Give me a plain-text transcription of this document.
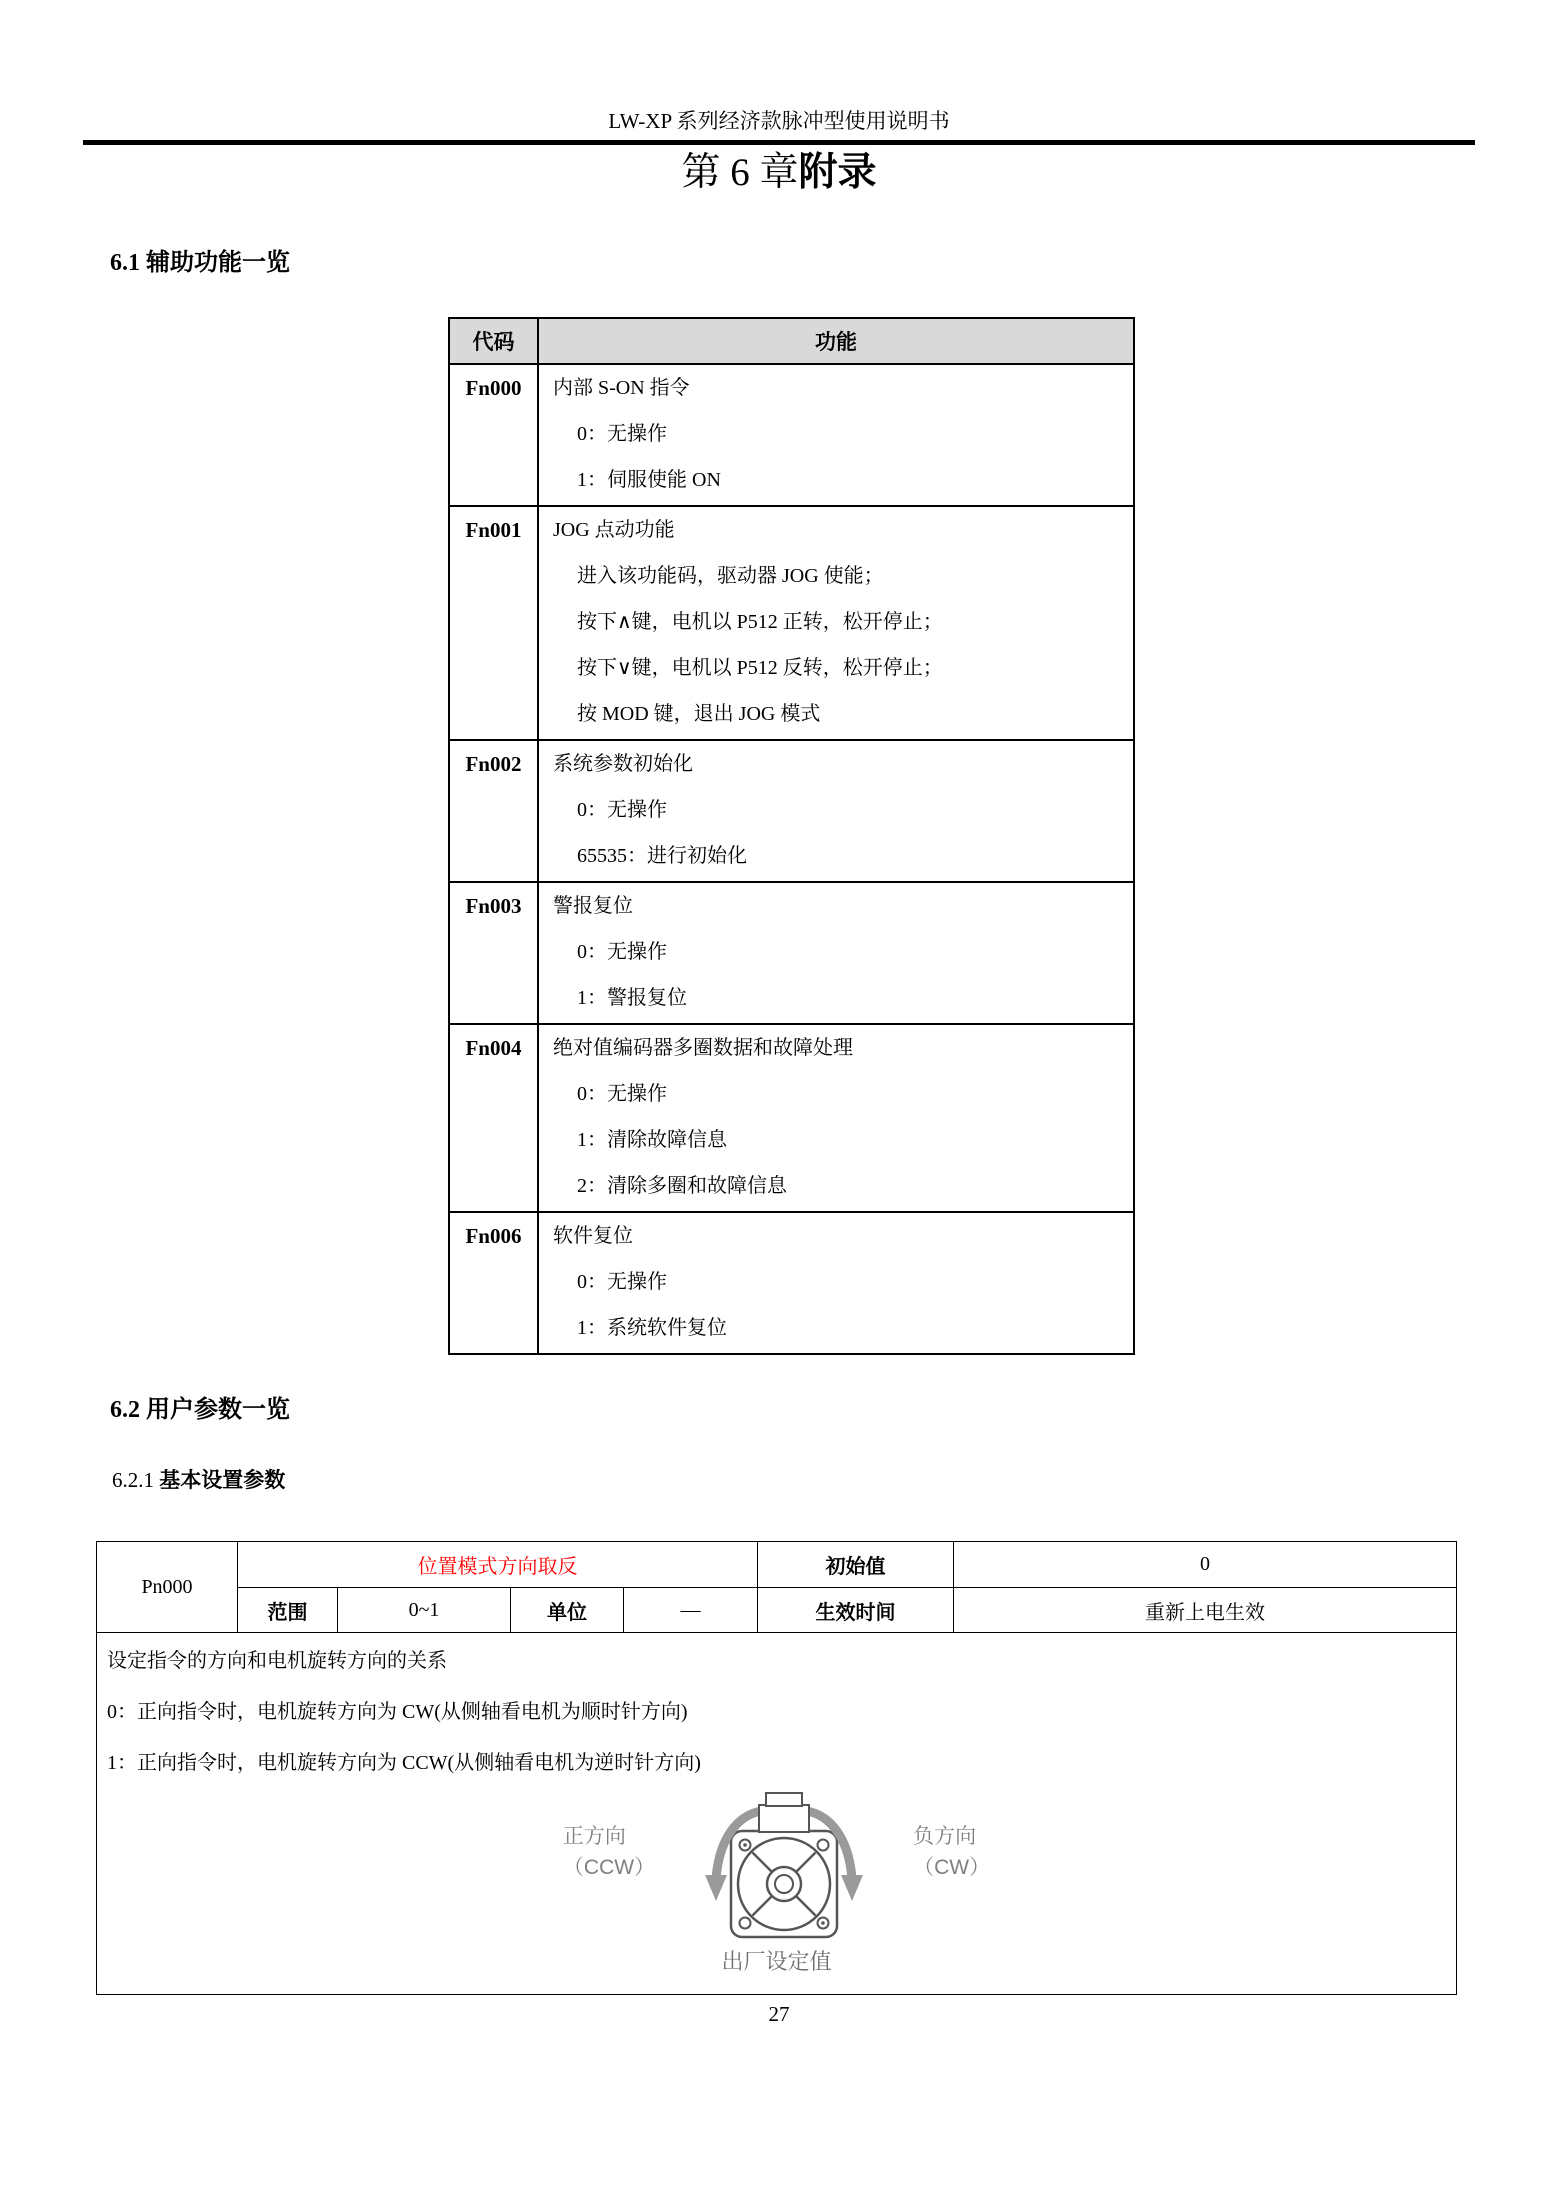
LW-XP 系列经济款脉冲型使用说明书
第 6 章附录
6.1 辅助功能一览
代码	功能
Fn000	内部 S-ON 指令
0：无操作
1：伺服使能 ON

Fn001	JOG 点动功能
进入该功能码，驱动器 JOG 使能；
按下∧键，电机以 P512 正转，松开停止；
按下∨键，电机以 P512 反转，松开停止；
按 MOD 键，退出 JOG 模式

Fn002	系统参数初始化
0：无操作
65535：进行初始化

Fn003	警报复位
0：无操作
1：警报复位

Fn004	绝对值编码器多圈数据和故障处理
0：无操作
1：清除故障信息
2：清除多圈和故障信息

Fn006	软件复位
0：无操作
1：系统软件复位
6.2 用户参数一览
6.2.1 基本设置参数
Pn000	位置模式方向取反				初始值	0
	范围	0~1	单位	—	生效时间	重新上电生效

设定指令的方向和电机旋转方向的关系
0：正向指令时，电机旋转方向为 CW(从侧轴看电机为顺时针方向)
1：正向指令时，电机旋转方向为 CCW(从侧轴看电机为逆时针方向)
正方向
（CCW）
负方向
（CW）
出厂设定值
27
